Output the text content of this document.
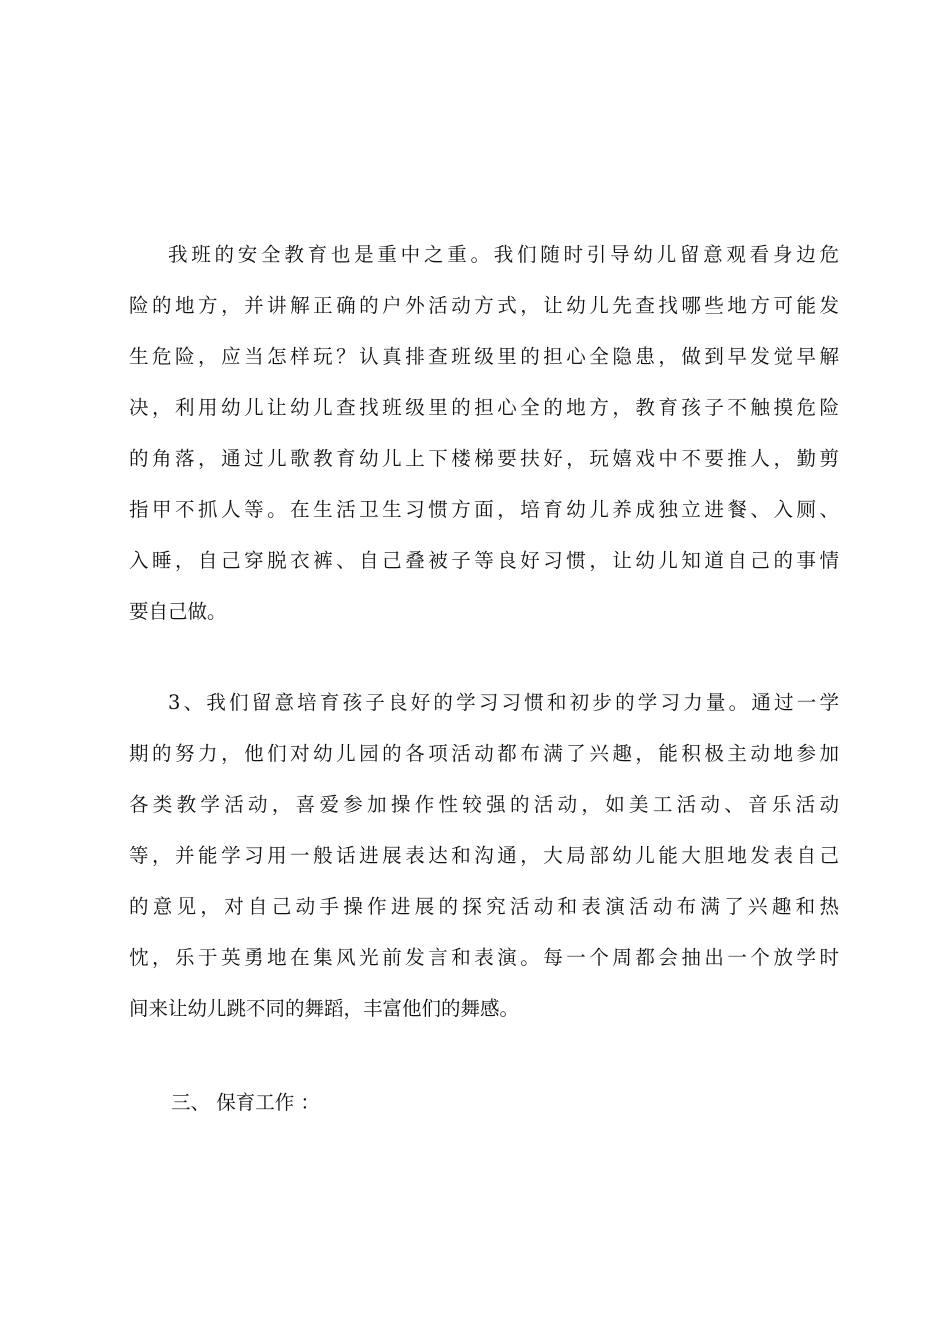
我班的安全教育也是重中之重。我们随时引导幼儿留意观看身边危

险的地方，并讲解正确的户外活动方式，让幼儿先查找哪些地方可能发

生危险，应当怎样玩？认真排查班级里的担心全隐患，做到早发觉早解

决，利用幼儿让幼儿查找班级里的担心全的地方，教育孩子不触摸危险

的角落，通过儿歌教育幼儿上下楼梯要扶好，玩嬉戏中不要推人，勤剪

指甲不抓人等。在生活卫生习惯方面，培育幼儿养成独立进餐、入厕、

入睡，自己穿脱衣裤、自己叠被子等良好习惯，让幼儿知道自己的事情

要自己做。

3、我们留意培育孩子良好的学习习惯和初步的学习力量。通过一学

期的努力，他们对幼儿园的各项活动都布满了兴趣，能积极主动地参加

各类教学活动，喜爱参加操作性较强的活动，如美工活动、音乐活动

等，并能学习用一般话进展表达和沟通，大局部幼儿能大胆地发表自己

的意见，对自己动手操作进展的探究活动和表演活动布满了兴趣和热

忱，乐于英勇地在集风光前发言和表演。每一个周都会抽出一个放学时

间来让幼儿跳不同的舞蹈，丰富他们的舞感。

三、 保育工作 ：
